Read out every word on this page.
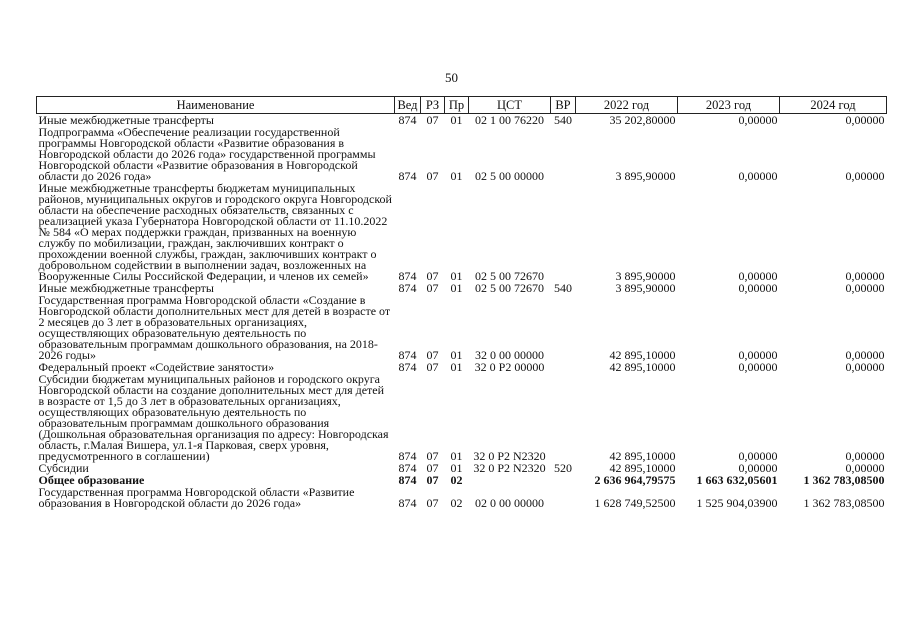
50
Наименование	Вед	РЗ	Пр	ЦСТ	ВР	2022 год	2023 год	2024 год
Иные межбюджетные трансферты	874	07	01	02 1 00 76220	540	35 202,80000	0,00000	0,00000
Подпрограмма «Обеспечение реализации государственной программы Новгородской области «Развитие образования в Новгородской области до 2026 года» государственной программы Новгородской области «Развитие образования в Новгородской области до 2026 года»	874	07	01	02 5 00 00000		3 895,90000	0,00000	0,00000
Иные межбюджетные трансферты бюджетам муниципальных районов, муниципальных округов и городского округа Новгородской области на обеспечение расходных обязательств, связанных с реализацией указа Губернатора Новгородской области от 11.10.2022 № 584 «О мерах поддержки граждан, призванных на военную службу по мобилизации, граждан, заключивших контракт о прохождении военной службы, граждан, заключивших контракт о добровольном содействии в выполнении задач, возложенных на Вооруженные Силы Российской Федерации, и членов их семей»	874	07	01	02 5 00 72670		3 895,90000	0,00000	0,00000
Иные межбюджетные трансферты	874	07	01	02 5 00 72670	540	3 895,90000	0,00000	0,00000
Государственная программа Новгородской области «Создание в Новгородской области дополнительных мест для детей в возрасте от 2 месяцев до 3 лет в образовательных организациях, осуществляющих образовательную деятельность по образовательным программам дошкольного образования, на 2018-2026 годы»	874	07	01	32 0 00 00000		42 895,10000	0,00000	0,00000
Федеральный проект «Содействие занятости»	874	07	01	32 0 P2 00000		42 895,10000	0,00000	0,00000
Субсидии бюджетам муниципальных районов и городского округа Новгородской области на создание дополнительных мест для детей в возрасте от 1,5 до 3 лет в образовательных организациях, осуществляющих образовательную деятельность по образовательным программам дошкольного образования (Дошкольная образовательная организация по адресу: Новгородская область, г.Малая Вишера, ул.1-я Парковая, сверх уровня, предусмотренного в соглашении)	874	07	01	32 0 P2 N2320		42 895,10000	0,00000	0,00000
Субсидии	874	07	01	32 0 P2 N2320	520	42 895,10000	0,00000	0,00000
Общее образование	874	07	02			2 636 964,79575	1 663 632,05601	1 362 783,08500
Государственная программа Новгородской области «Развитие образования в Новгородской области до 2026 года»	874	07	02	02 0 00 00000		1 628 749,52500	1 525 904,03900	1 362 783,08500
